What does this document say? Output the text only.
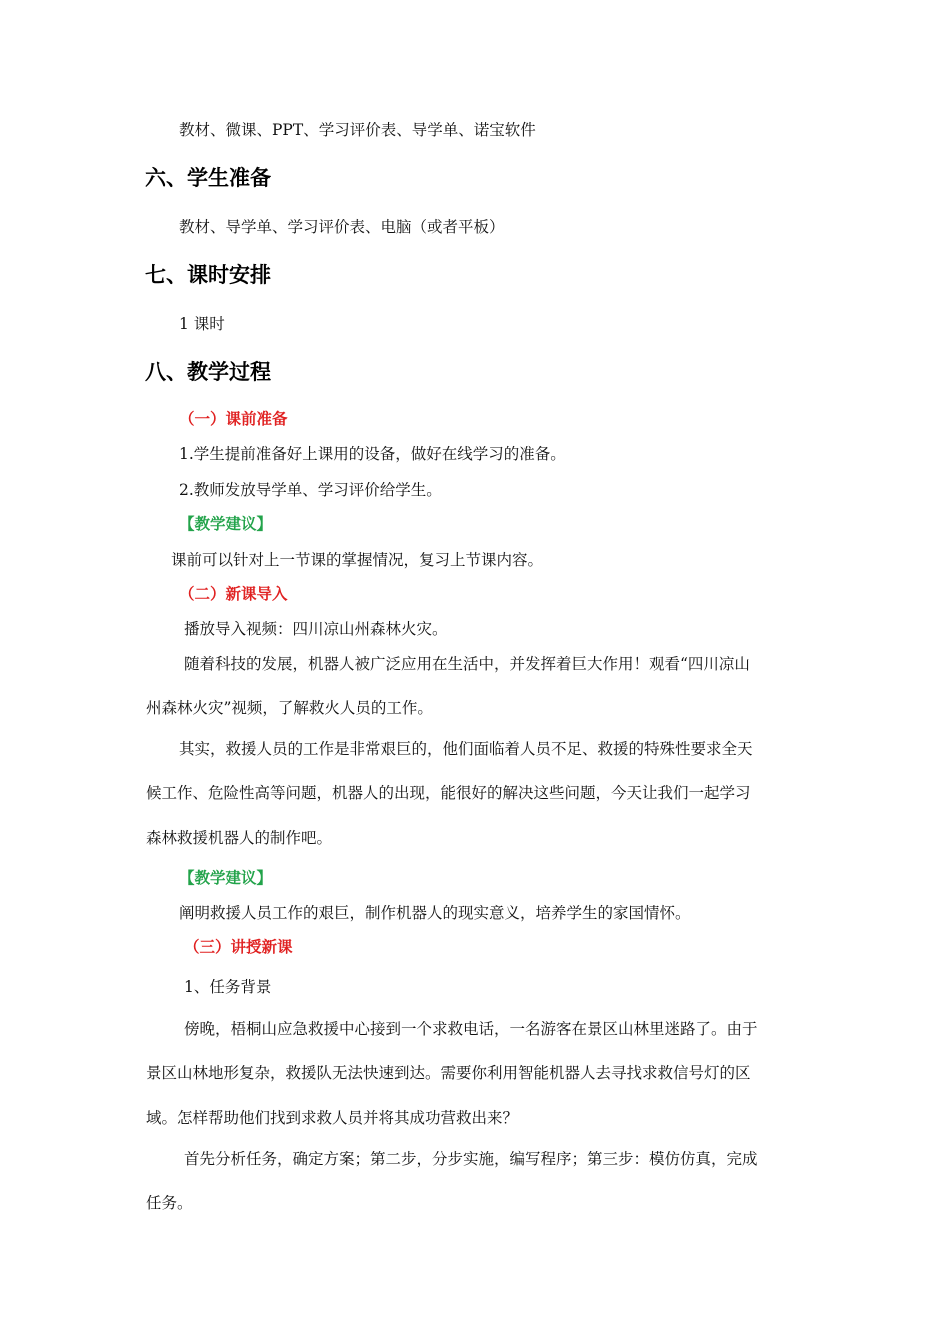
教材、微课、PPT、学习评价表、导学单、诺宝软件
六、学生准备
教材、导学单、学习评价表、电脑（或者平板）
七、课时安排
1 课时
八、教学过程
（一）课前准备
1.学生提前准备好上课用的设备，做好在线学习的准备。
2.教师发放导学单、学习评价给学生。
【教学建议】
课前可以针对上一节课的掌握情况，复习上节课内容。
（二）新课导入
播放导入视频：四川凉山州森林火灾。
随着科技的发展，机器人被广泛应用在生活中，并发挥着巨大作用！观看“四川凉山
州森林火灾”视频，了解救火人员的工作。
其实，救援人员的工作是非常艰巨的，他们面临着人员不足、救援的特殊性要求全天
候工作、危险性高等问题，机器人的出现，能很好的解决这些问题，今天让我们一起学习
森林救援机器人的制作吧。
【教学建议】
阐明救援人员工作的艰巨，制作机器人的现实意义，培养学生的家国情怀。
（三）讲授新课
1、任务背景
傍晚，梧桐山应急救援中心接到一个求救电话，一名游客在景区山林里迷路了。由于
景区山林地形复杂，救援队无法快速到达。需要你利用智能机器人去寻找求救信号灯的区
域。怎样帮助他们找到求救人员并将其成功营救出来？
首先分析任务，确定方案；第二步，分步实施，编写程序；第三步：模仿仿真，完成
任务。
